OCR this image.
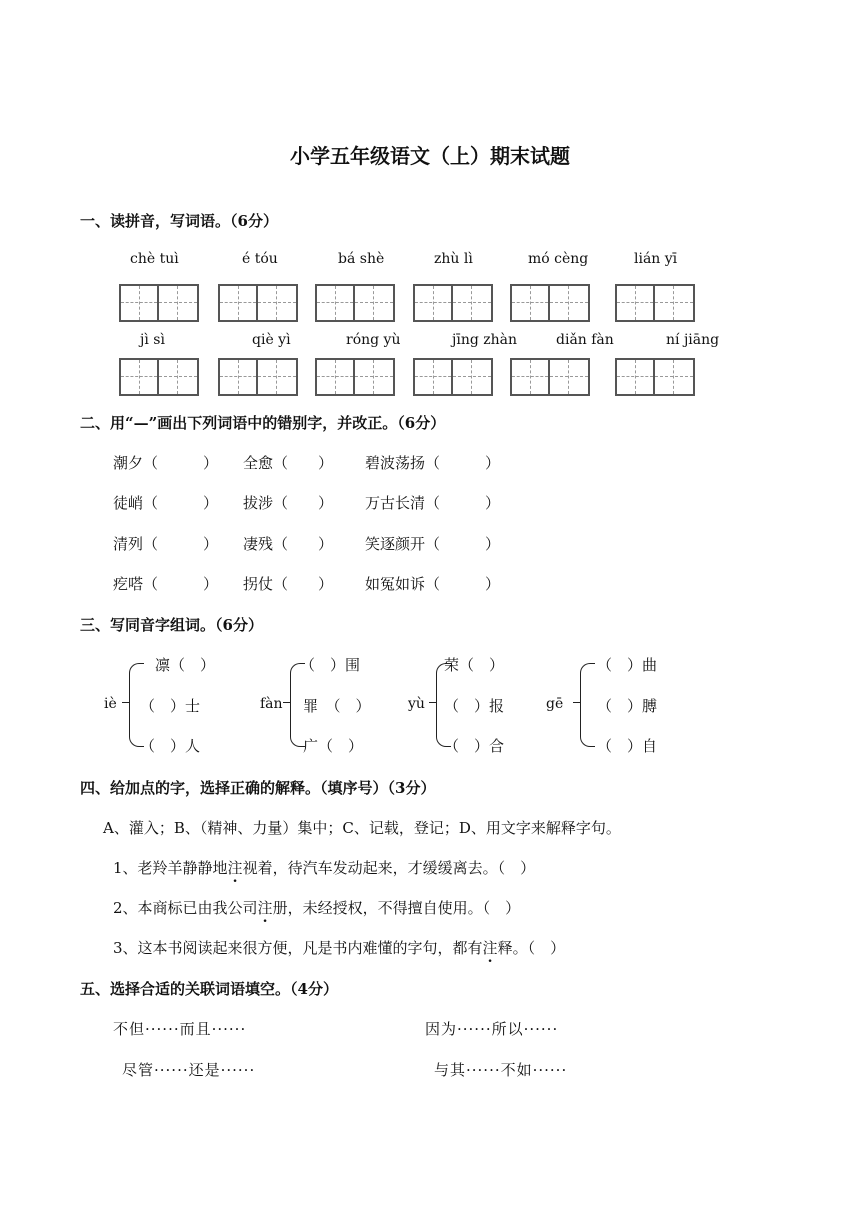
小学五年级语文（上）期末试题
一、读拼音，写词语。（6分）
chè tuì	é tóu	bá shè	zhù lì	mó cèng	lián yī
jì sì	qiè yì	róng yù	jīng zhàn	diǎn fàn	ní jiāng
二、用“—”画出下列词语中的错别字，并改正。（6分）
潮夕（　　　） 全愈（　　） 碧波荡扬（　　　）
徒峭（　　　） 拔涉（　　） 万古长清（　　　）
清列（　　　） 凄残（　　） 笑逐颜开（　　　）
疙嗒（　　　） 拐仗（　　） 如冤如诉（　　　）
三、写同音字组词。（6分）
iè
凛（　）
（　）士
（　）人
fàn
（　）围
罪　（　）
广（　）
yù
荣（　）
（　）报
（　）合
gē
（　）曲
（　）膊
（　）自
四、给加点的字，选择正确的解释。（填序号）（3分）
A、灌入；B、（精神、力量）集中；C、记载，登记；D、用文字来解释字句。
1、老羚羊静静地注视着，待汽车发动起来，才缓缓离去。（　）
2、本商标已由我公司注册，未经授权，不得擅自使用。（　）
3、这本书阅读起来很方便，凡是书内难懂的字句，都有注释。（　）
五、选择合适的关联词语填空。（4分）
不但······而且······	因为······所以······
尽管······还是······	与其······不如······
